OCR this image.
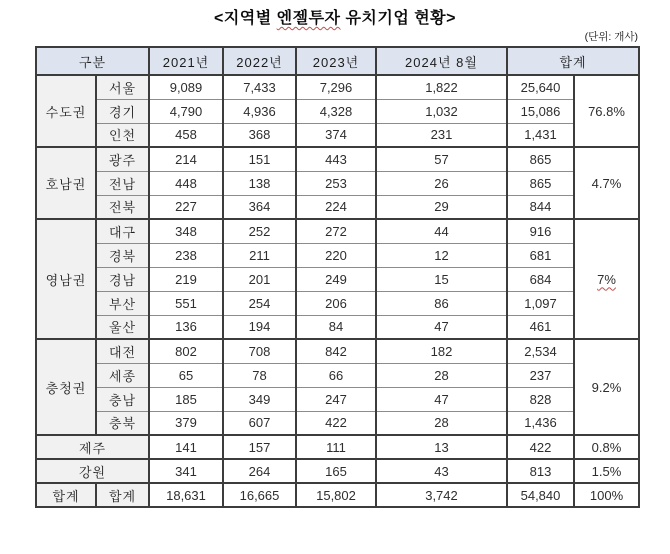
<지역별 엔젤투자 유치기업 현황>
(단위: 개사)
구분		2021년	2022년	2023년	2024년 8월	합계	
수도권	서울	9,089	7,433	7,296	1,822	25,640	76.8%
	경기	4,790	4,936	4,328	1,032	15,086	
	인천	458	368	374	231	1,431	
호남권	광주	214	151	443	57	865	4.7%
	전남	448	138	253	26	865	
	전북	227	364	224	29	844	
영남권	대구	348	252	272	44	916	7%
	경북	238	211	220	12	681	
	경남	219	201	249	15	684	
	부산	551	254	206	86	1,097	
	울산	136	194	84	47	461	
충청권	대전	802	708	842	182	2,534	9.2%
	세종	65	78	66	28	237	
	충남	185	349	247	47	828	
	충북	379	607	422	28	1,436	
제주		141	157	111	13	422	0.8%
강원		341	264	165	43	813	1.5%
합계	합계	18,631	16,665	15,802	3,742	54,840	100%
